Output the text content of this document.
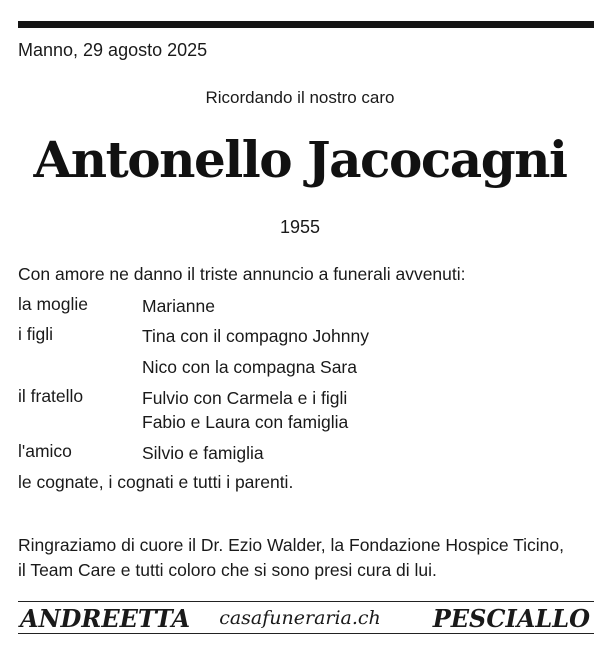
Manno, 29 agosto 2025
Ricordando il nostro caro
Antonello Jacocagni
1955
Con amore ne danno il triste annuncio a funerali avvenuti:
la moglie	Marianne
i figli	Tina con il compagno Johnny
Nico con la compagna Sara
il fratello	Fulvio con Carmela e i figli
Fabio e Laura con famiglia
l'amico	Silvio e famiglia
le cognate, i cognati e tutti i parenti.
Ringraziamo di cuore il Dr. Ezio Walder, la Fondazione Hospice Ticino,
il Team Care e tutti coloro che si sono presi cura di lui.
ANDREETTA	casafuneraria.ch	PESCIALLO
